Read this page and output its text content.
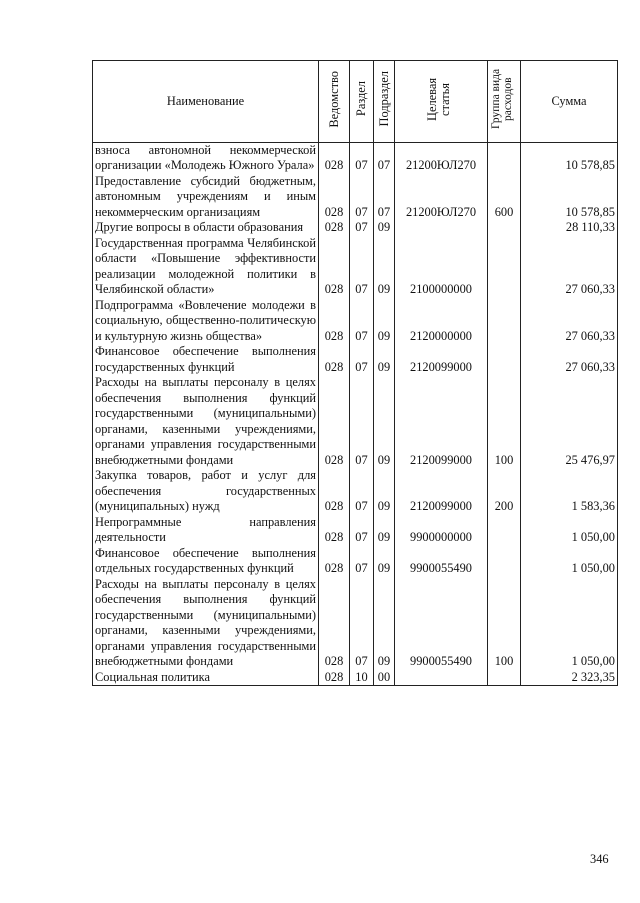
Наименование	Ведомство	Раздел	Подраздел	Целевая статья	Группа вида расходов	Сумма
взноса автономной некоммерческой организации «Молодежь Южного Урала»	028	07	07	21200ЮЛ270		10 578,85
Предоставление субсидий бюджетным, автономным учреждениям и иным некоммерческим организациям	028	07	07	21200ЮЛ270	600	10 578,85
Другие вопросы в области образования	028	07	09			28 110,33
Государственная программа Челябинской области «Повышение эффективности реализации молодежной политики в Челябинской области»	028	07	09	2100000000		27 060,33
Подпрограмма «Вовлечение молодежи в социальную, общественно-политическую и культурную жизнь общества»	028	07	09	2120000000		27 060,33
Финансовое обеспечение выполнения государственных функций	028	07	09	2120099000		27 060,33
Расходы на выплаты персоналу в целях обеспечения выполнения функций государственными (муниципальными) органами, казенными учреждениями, органами управления государственными внебюджетными фондами	028	07	09	2120099000	100	25 476,97
Закупка товаров, работ и услуг для обеспечения государственных (муниципальных) нужд	028	07	09	2120099000	200	1 583,36
Непрограммные направления деятельности	028	07	09	9900000000		1 050,00
Финансовое обеспечение выполнения отдельных государственных функций	028	07	09	9900055490		1 050,00
Расходы на выплаты персоналу в целях обеспечения выполнения функций государственными (муниципальными) органами, казенными учреждениями, органами управления государственными внебюджетными фондами	028	07	09	9900055490	100	1 050,00
Социальная политика	028	10	00			2 323,35
346
